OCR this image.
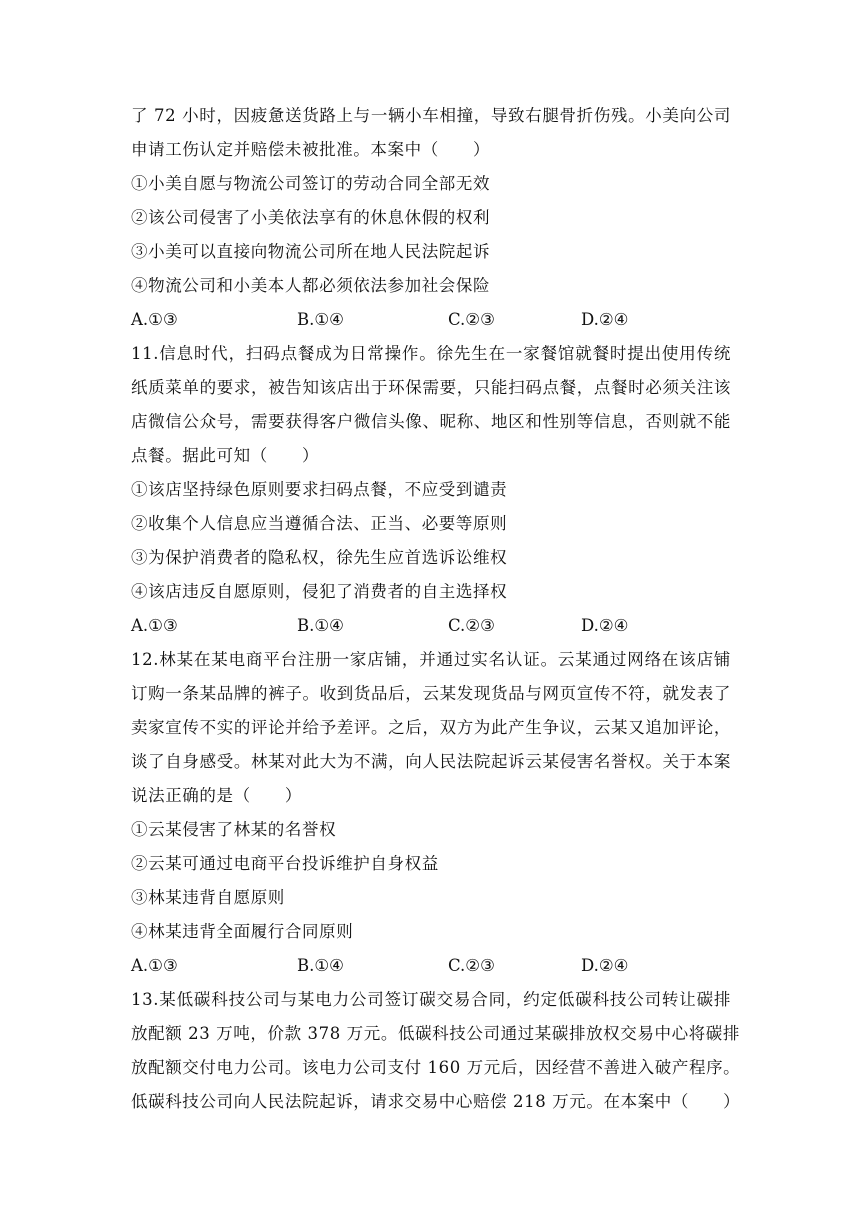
了 72 小时，因疲惫送货路上与一辆小车相撞，导致右腿骨折伤残。小美向公司
申请工伤认定并赔偿未被批准。本案中（　　）
①小美自愿与物流公司签订的劳动合同全部无效
②该公司侵害了小美依法享有的休息休假的权利
③小美可以直接向物流公司所在地人民法院起诉
④物流公司和小美本人都必须依法参加社会保险
A.①③	B.①④	C.②③	D.②④
11.信息时代，扫码点餐成为日常操作。徐先生在一家餐馆就餐时提出使用传统
纸质菜单的要求，被告知该店出于环保需要，只能扫码点餐，点餐时必须关注该
店微信公众号，需要获得客户微信头像、昵称、地区和性别等信息，否则就不能
点餐。据此可知（　　）
①该店坚持绿色原则要求扫码点餐，不应受到谴责
②收集个人信息应当遵循合法、正当、必要等原则
③为保护消费者的隐私权，徐先生应首选诉讼维权
④该店违反自愿原则，侵犯了消费者的自主选择权
A.①③	B.①④	C.②③	D.②④
12.林某在某电商平台注册一家店铺，并通过实名认证。云某通过网络在该店铺
订购一条某品牌的裤子。收到货品后，云某发现货品与网页宣传不符，就发表了
卖家宣传不实的评论并给予差评。之后，双方为此产生争议，云某又追加评论，
谈了自身感受。林某对此大为不满，向人民法院起诉云某侵害名誉权。关于本案
说法正确的是（　　）
①云某侵害了林某的名誉权
②云某可通过电商平台投诉维护自身权益
③林某违背自愿原则
④林某违背全面履行合同原则
A.①③	B.①④	C.②③	D.②④
13.某低碳科技公司与某电力公司签订碳交易合同，约定低碳科技公司转让碳排
放配额 23 万吨，价款 378 万元。低碳科技公司通过某碳排放权交易中心将碳排
放配额交付电力公司。该电力公司支付 160 万元后，因经营不善进入破产程序。
低碳科技公司向人民法院起诉，请求交易中心赔偿 218 万元。在本案中（　　）
